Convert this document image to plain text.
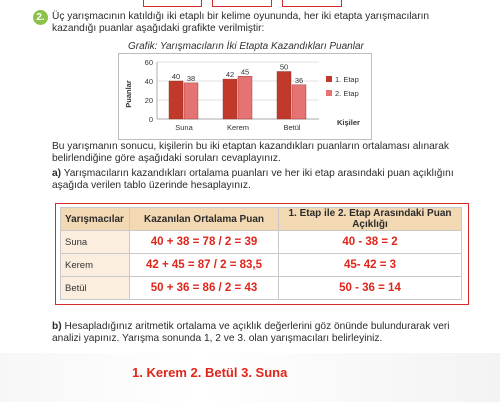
2. Üç yarışmacının katıldığı iki etaplı bir kelime oyununda, her iki etapta yarışmacıların
kazandığı puanlar aşağıdaki grafikte verilmiştir:
Grafik: Yarışmacıların İki Etapta Kazandıkları Puanlar
0
20
40
60
Puanlar
40 38
Suna
42 45
Kerem
50
36
Betül
1. Etap
2. Etap
Kişiler
Bu yarışmanın sonucu, kişilerin bu iki etaptan kazandıkları puanların ortalaması alınarak
belirlendiğine göre aşağıdaki soruları cevaplayınız.
a) Yarışmacıların kazandıkları ortalama puanları ve her iki etap arasındaki puan açıklığını
aşağıda verilen tablo üzerinde hesaplayınız.
Yarışmacılar	Kazanılan Ortalama Puan	1. Etap ile 2. Etap Arasındaki Puan Açıklığı
Suna	40 + 38 = 78 / 2 = 39	40 - 38 = 2
Kerem	42 + 45 = 87 / 2 = 83,5	45- 42 = 3
Betül	50 + 36 = 86 / 2 = 43	50 - 36 = 14
b) Hesapladığınız aritmetik ortalama ve açıklık değerlerini göz önünde bulundurarak veri
analizi yapınız. Yarışma sonunda 1, 2 ve 3. olan yarışmacıları belirleyiniz.
1. Kerem 2. Betül 3. Suna
